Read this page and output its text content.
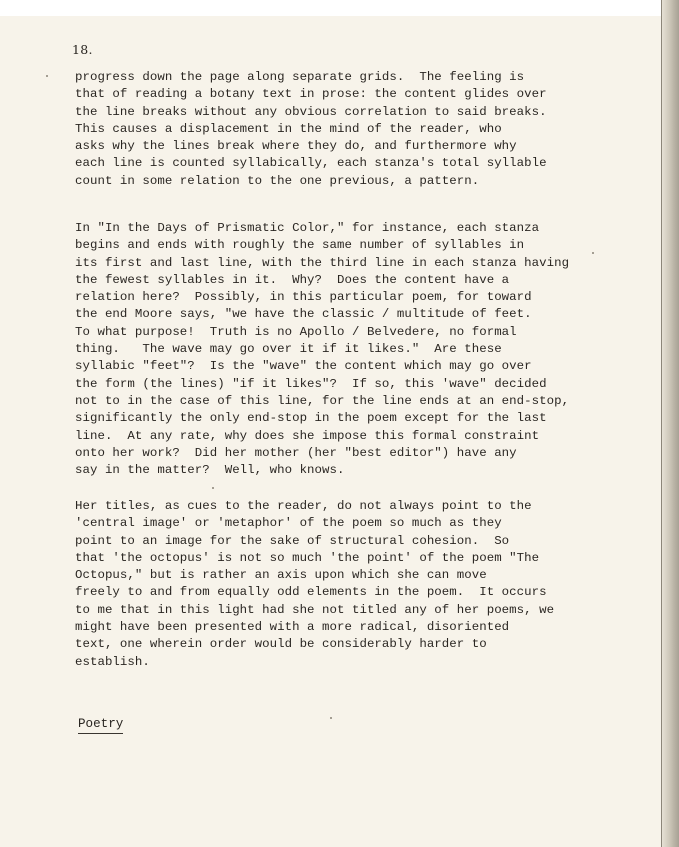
18.

progress down the page along separate grids.  The feeling is
that of reading a botany text in prose: the content glides over
the line breaks without any obvious correlation to said breaks.
This causes a displacement in the mind of the reader, who
asks why the lines break where they do, and furthermore why
each line is counted syllabically, each stanza's total syllable
count in some relation to the one previous, a pattern.

In "In the Days of Prismatic Color," for instance, each stanza
begins and ends with roughly the same number of syllables in
its first and last line, with the third line in each stanza having
the fewest syllables in it.  Why?  Does the content have a
relation here?  Possibly, in this particular poem, for toward
the end Moore says, "we have the classic / multitude of feet.
To what purpose!  Truth is no Apollo / Belvedere, no formal
thing.   The wave may go over it if it likes."  Are these
syllabic "feet"?  Is the "wave" the content which may go over
the form (the lines) "if it likes"?  If so, this 'wave" decided
not to in the case of this line, for the line ends at an end-stop,
significantly the only end-stop in the poem except for the last
line.  At any rate, why does she impose this formal constraint
onto her work?  Did her mother (her "best editor") have any
say in the matter?  Well, who knows.

Her titles, as cues to the reader, do not always point to the
'central image' or 'metaphor' of the poem so much as they
point to an image for the sake of structural cohesion.  So
that 'the octopus' is not so much 'the point' of the poem "The
Octopus," but is rather an axis upon which she can move
freely to and from equally odd elements in the poem.  It occurs
to me that in this light had she not titled any of her poems, we
might have been presented with a more radical, disoriented
text, one wherein order would be considerably harder to
establish.

Poetry
